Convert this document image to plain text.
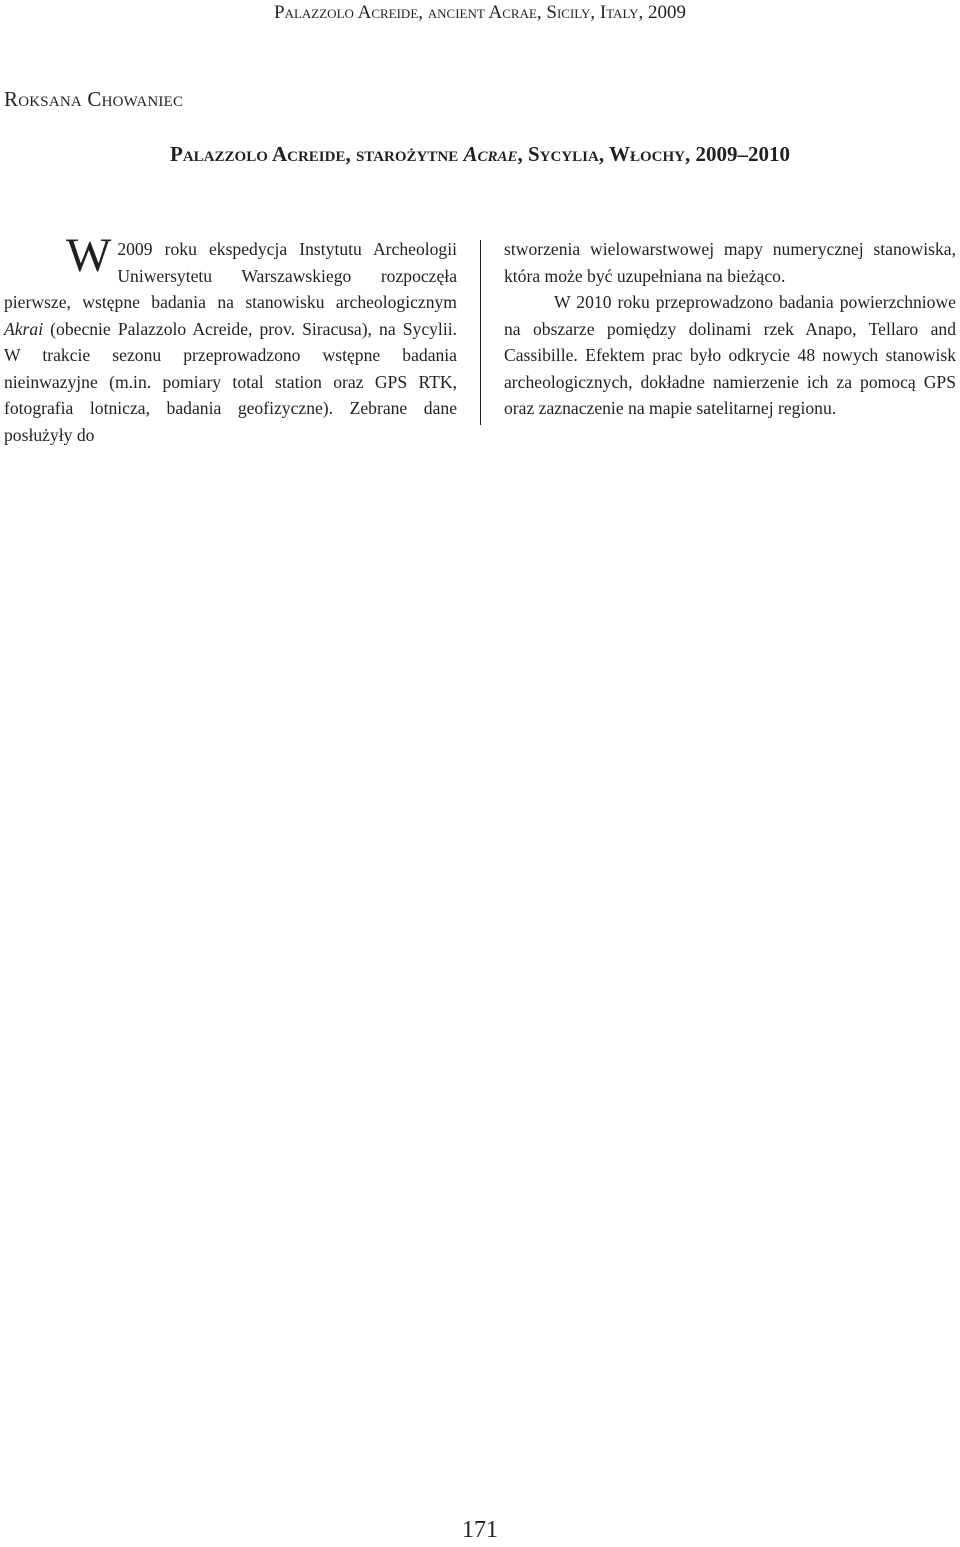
Palazzolo Acreide, ancient Acrae, Sicily, Italy, 2009
Roksana Chowaniec
Palazzolo Acreide, starożytne Acrae, Sycylia, Włochy, 2009–2010

W 2009 roku ekspedycja Instytutu Archeologii Uniwersytetu Warszawskiego rozpoczęła pierwsze, wstępne badania na stanowisku archeologicznym Akrai (obecnie Palazzolo Acreide, prov. Siracusa), na Sycylii. W trakcie sezonu przeprowadzono wstępne badania nieinwazyjne (m.in. pomiary total station oraz GPS RTK, fotografia lotnicza, badania geofizyczne). Zebrane dane posłużyły do

stworzenia wielowarstwowej mapy numerycznej stanowiska, która może być uzupełniana na bieżąco.

W 2010 roku przeprowadzono badania powierzchniowe na obszarze pomiędzy dolinami rzek Anapo, Tellaro and Cassibille. Efektem prac było odkrycie 48 nowych stanowisk archeologicznych, dokładne namierzenie ich za pomocą GPS oraz zaznaczenie na mapie satelitarnej regionu.

171
